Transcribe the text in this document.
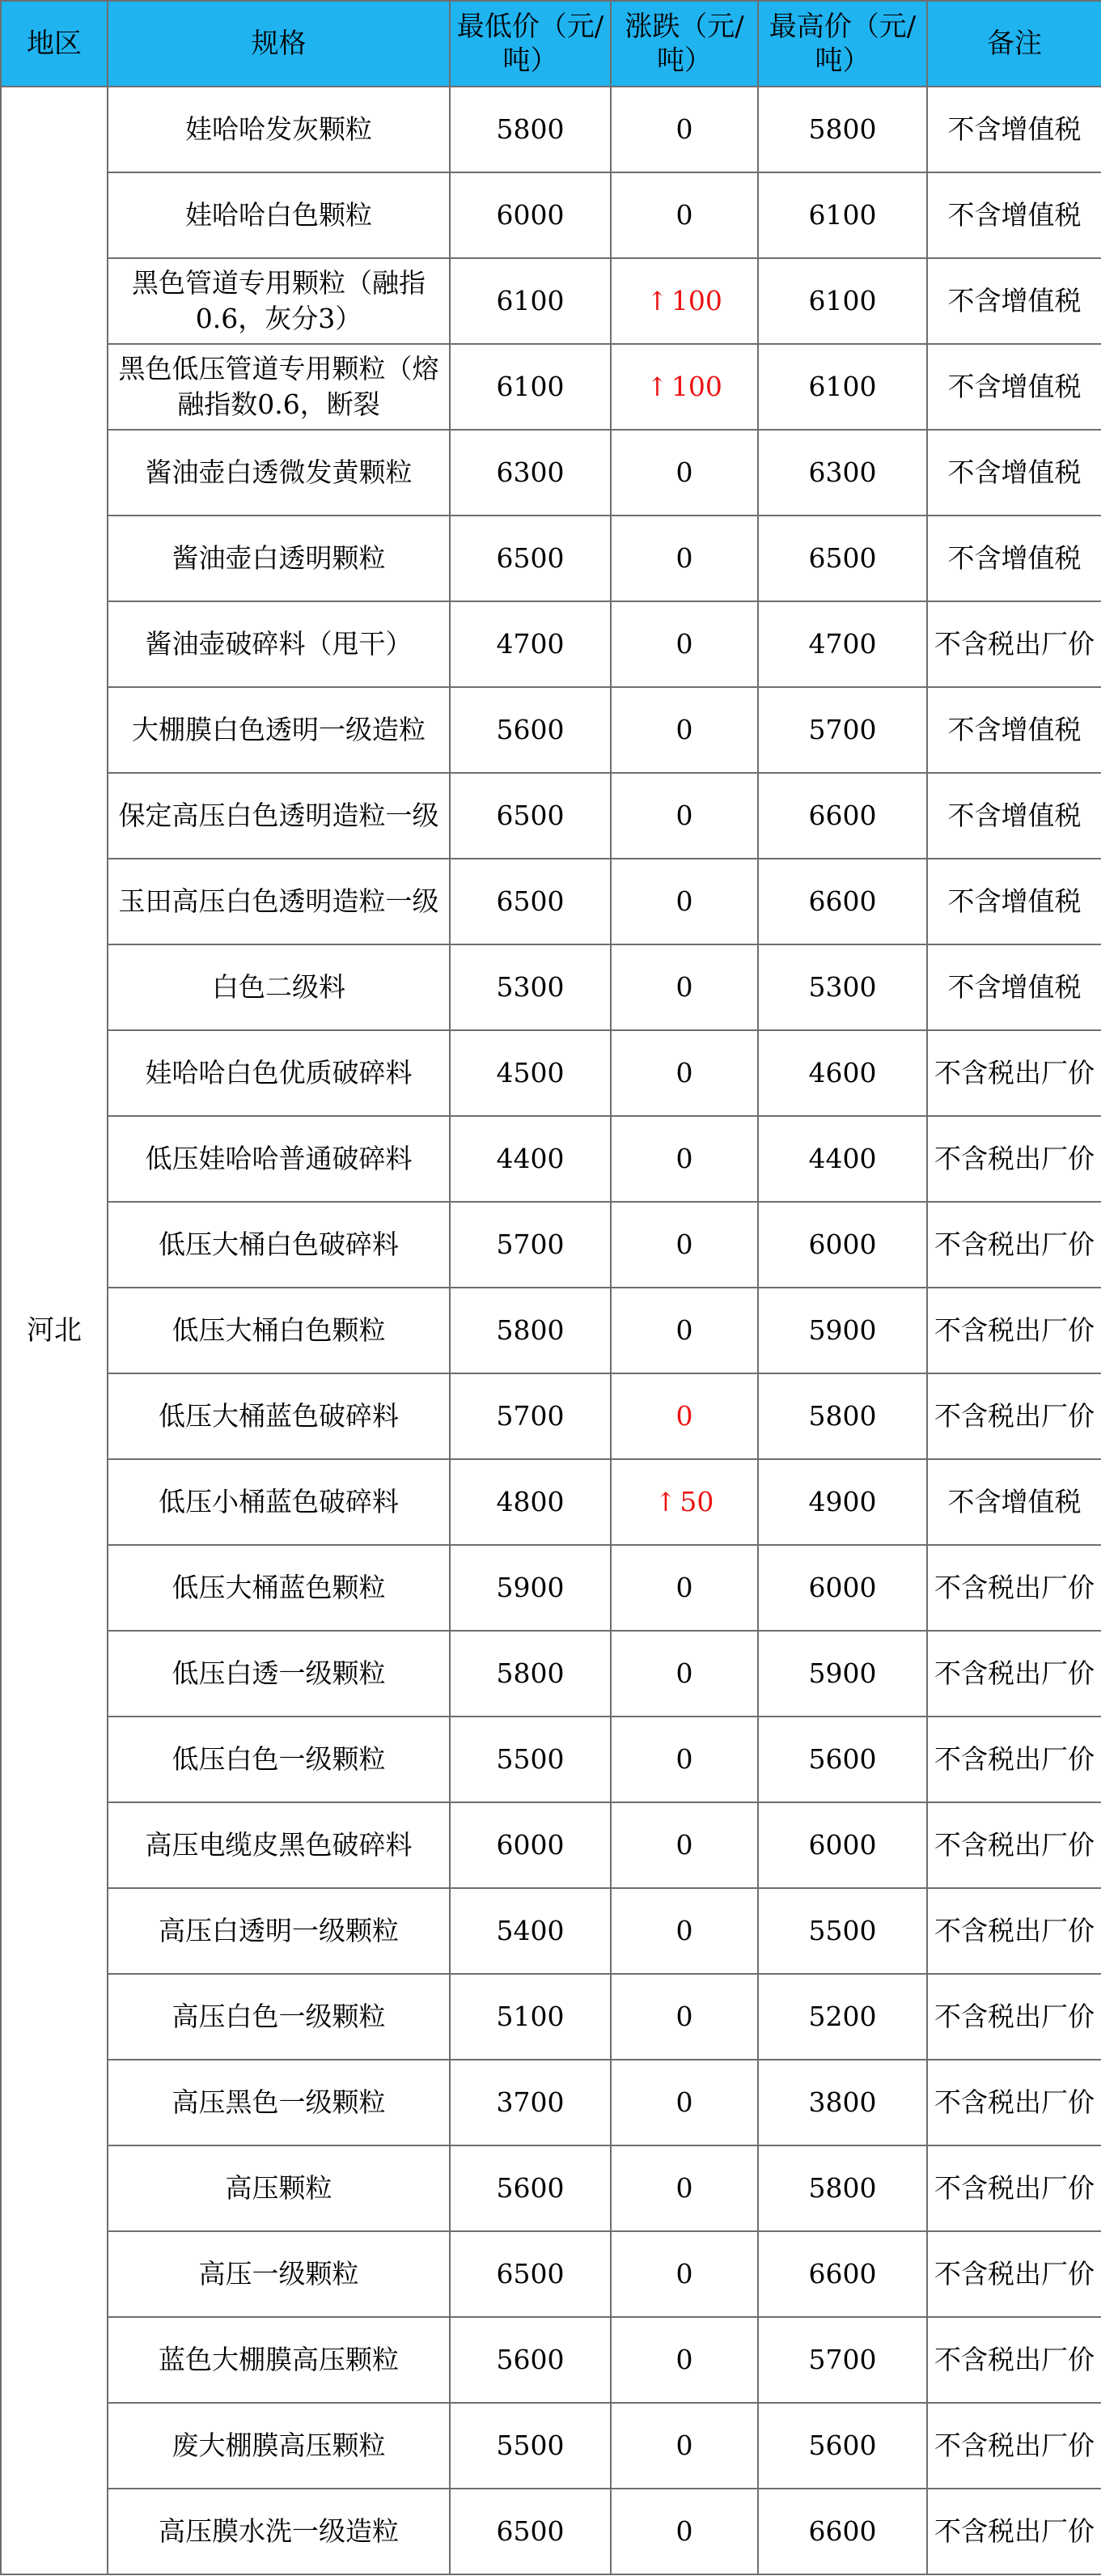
地区	规格	最低价（元/吨）	涨跌（元/吨）	最高价（元/吨）	备注
河北	娃哈哈发灰颗粒	5800	0	5800	不含增值税

	娃哈哈白色颗粒	6000	0	6100	不含增值税

	黑色管道专用颗粒（融指0.6，灰分3）	6100	↑ 100	6100	不含增值税

	黑色低压管道专用颗粒（熔融指数0.6，断裂	6100	↑ 100	6100	不含增值税

	酱油壶白透微发黄颗粒	6300	0	6300	不含增值税

	酱油壶白透明颗粒	6500	0	6500	不含增值税

	酱油壶破碎料（甩干）	4700	0	4700	不含税出厂价

	大棚膜白色透明一级造粒	5600	0	5700	不含增值税

	保定高压白色透明造粒一级	6500	0	6600	不含增值税

	玉田高压白色透明造粒一级	6500	0	6600	不含增值税

	白色二级料	5300	0	5300	不含增值税

	娃哈哈白色优质破碎料	4500	0	4600	不含税出厂价

	低压娃哈哈普通破碎料	4400	0	4400	不含税出厂价

	低压大桶白色破碎料	5700	0	6000	不含税出厂价

	低压大桶白色颗粒	5800	0	5900	不含税出厂价

	低压大桶蓝色破碎料	5700	0	5800	不含税出厂价

	低压小桶蓝色破碎料	4800	↑ 50	4900	不含增值税

	低压大桶蓝色颗粒	5900	0	6000	不含税出厂价

	低压白透一级颗粒	5800	0	5900	不含税出厂价

	低压白色一级颗粒	5500	0	5600	不含税出厂价

	高压电缆皮黑色破碎料	6000	0	6000	不含税出厂价

	高压白透明一级颗粒	5400	0	5500	不含税出厂价

	高压白色一级颗粒	5100	0	5200	不含税出厂价

	高压黑色一级颗粒	3700	0	3800	不含税出厂价

	高压颗粒	5600	0	5800	不含税出厂价

	高压一级颗粒	6500	0	6600	不含税出厂价

	蓝色大棚膜高压颗粒	5600	0	5700	不含税出厂价

	废大棚膜高压颗粒	5500	0	5600	不含税出厂价

	高压膜水洗一级造粒	6500	0	6600	不含税出厂价
